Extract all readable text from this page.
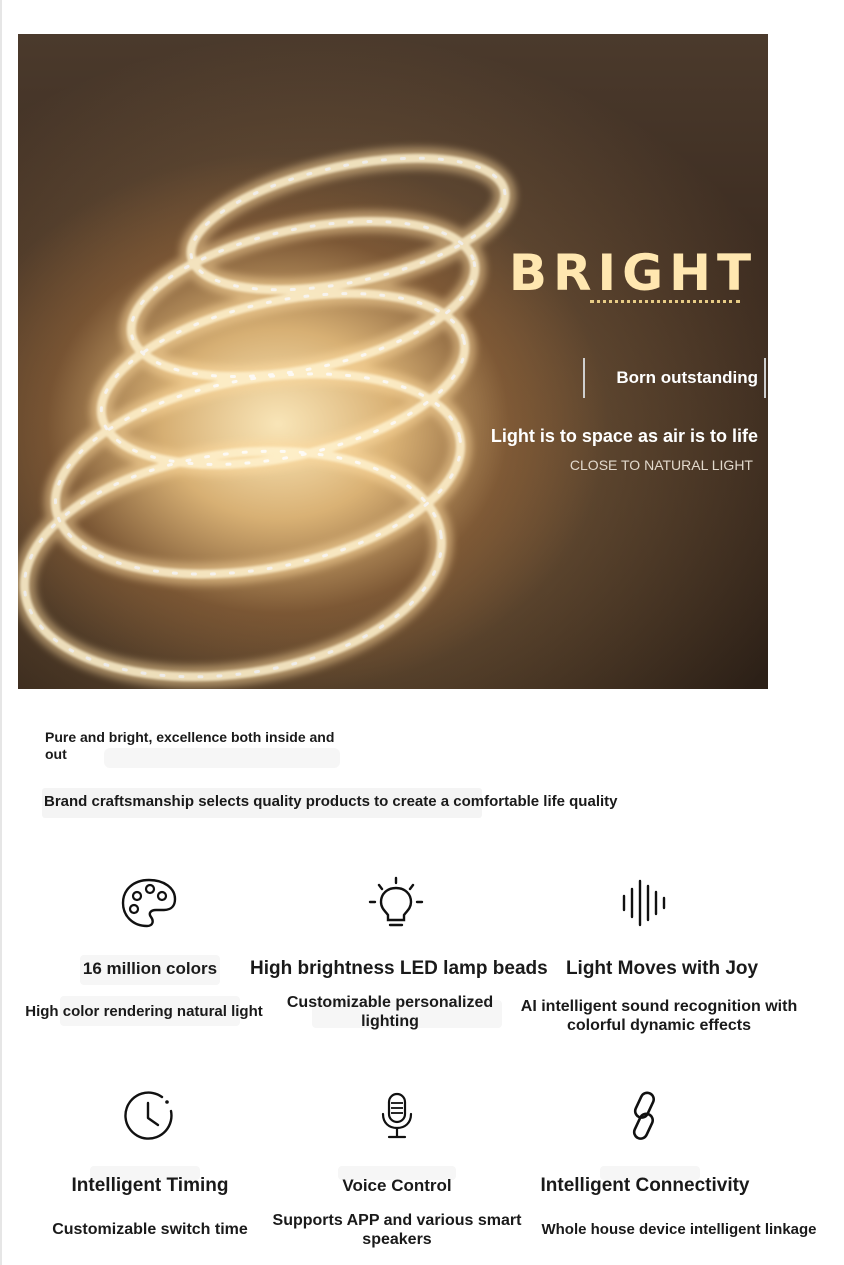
BRIGHT
Born outstanding
Light is to space as air is to life
CLOSE TO NATURAL LIGHT
Pure and bright, excellence both inside and out
Brand craftsmanship selects quality products to create a comfortable life quality
16 million colors
High color rendering natural light
High brightness LED lamp beads
Customizable personalized lighting
Light Moves with Joy
AI intelligent sound recognition with colorful dynamic effects
Intelligent Timing
Customizable switch time
Voice Control
Supports APP and various smart speakers
Intelligent Connectivity
Whole house device intelligent linkage
